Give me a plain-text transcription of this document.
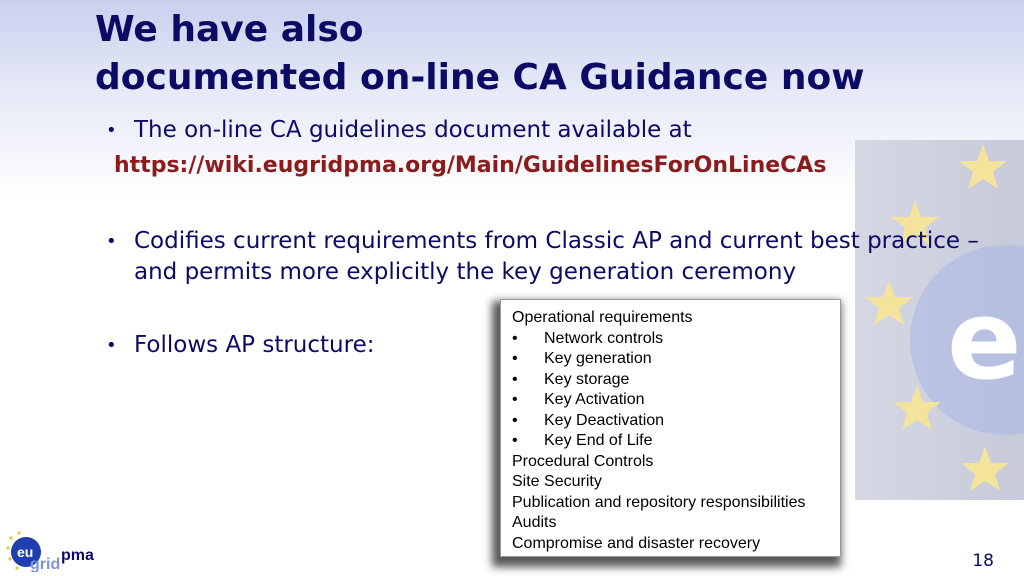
e
We have also
documented on-line CA Guidance now
• The on-line CA guidelines document available at
https://wiki.eugridpma.org/Main/GuidelinesForOnLineCAs
• Codifies current requirements from Classic AP and current best practice – and permits more explicitly the key generation ceremony
• Follows AP structure:
Operational requirements
• Network controls
• Key generation
• Key storage
• Key Activation
• Key Deactivation
• Key End of Life
Procedural Controls
Site Security
Publication and repository responsibilities
Audits
Compromise and disaster recovery
eu
grid
pma	18
